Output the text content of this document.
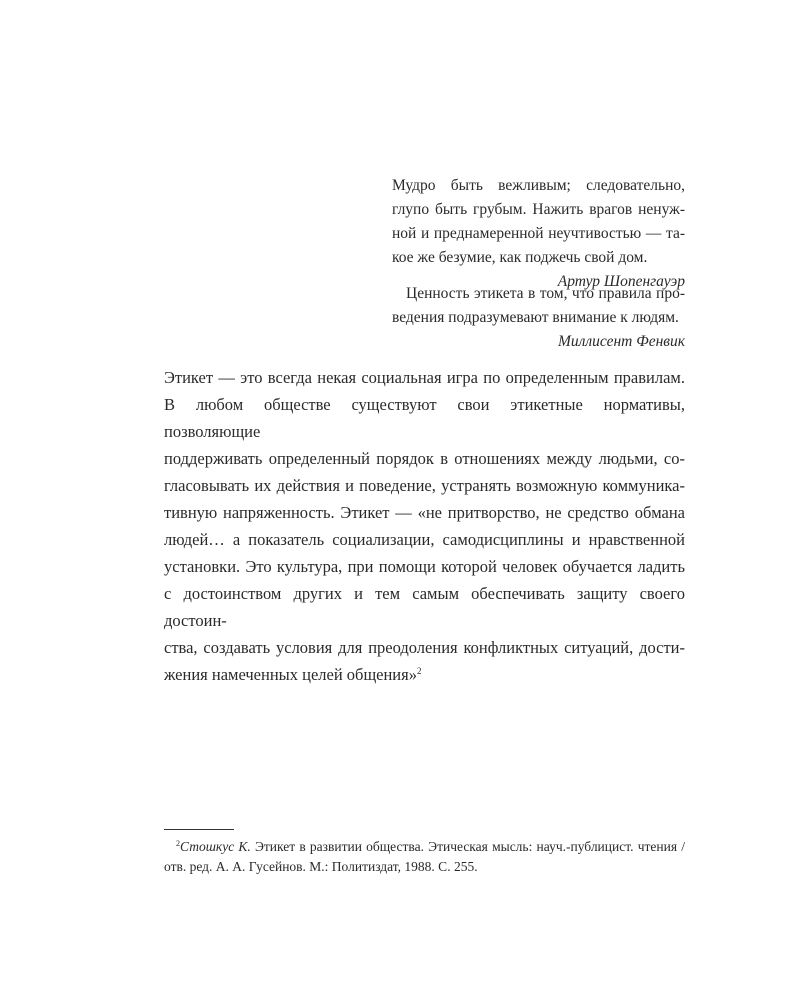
Мудро быть вежливым; следовательно,
глупо быть грубым. Нажить врагов ненуж-
ной и преднамеренной неучтивостью — та-
кое же безумие, как поджечь свой дом.
Артур Шопенгауэр
Ценность этикета в том, что правила про-
ведения подразумевают внимание к людям.
Миллисент Фенвик
Этикет — это всегда некая социальная игра по определенным правилам.
В любом обществе существуют свои этикетные нормативы, позволяющие
поддерживать определенный порядок в отношениях между людьми, со-
гласовывать их действия и поведение, устранять возможную коммуника-
тивную напряженность. Этикет — «не притворство, не средство обмана
людей… а показатель социализации, самодисциплины и нравственной
установки. Это культура, при помощи которой человек обучается ладить
с достоинством других и тем самым обеспечивать защиту своего достоин-
ства, создавать условия для преодоления конфликтных ситуаций, дости-
жения намеченных целей общения»$^2$
$^2$Стошкус К. Этикет в развитии общества. Этическая мысль: науч.-публицист. чтения /
отв. ред. А. А. Гусейнов. М.: Политиздат, 1988. С. 255.
